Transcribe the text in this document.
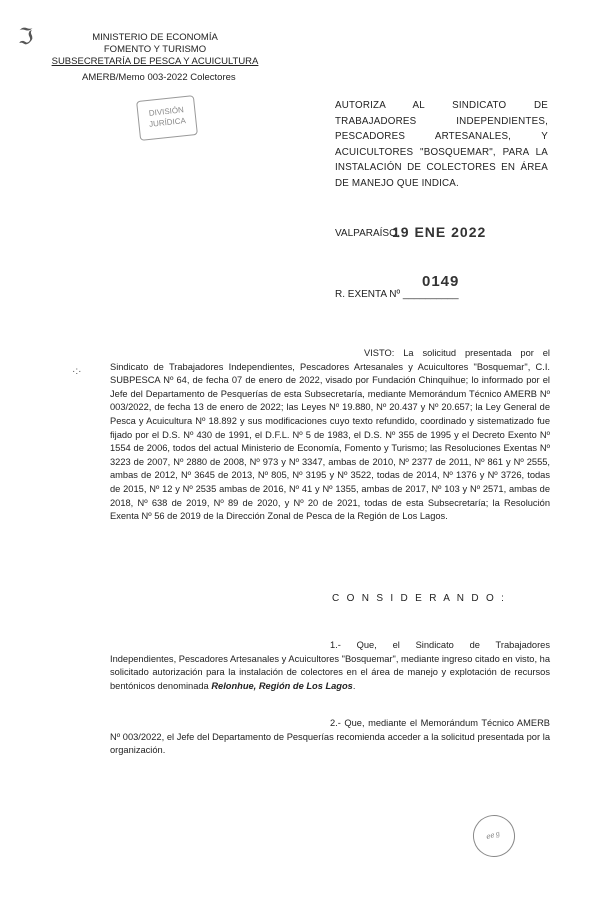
ℑ	MINISTERIO DE ECONOMÍA
FOMENTO Y TURISMO
SUBSECRETARÍA DE PESCA Y ACUICULTURA
AMERB/Memo 003-2022 Colectores
DIVISIÓN
JURÍDICA
AUTORIZA AL SINDICATO DE TRABAJADORES INDEPENDIENTES, PESCADORES ARTESANALES, Y ACUICULTORES "BOSQUEMAR", PARA LA INSTALACIÓN DE COLECTORES EN ÁREA DE MANEJO QUE INDICA.
VALPARAÍSO,
19 ENE 2022
R. EXENTA Nº __________
0149
·:·
VISTO: La solicitud presentada por el Sindicato de Trabajadores Independientes, Pescadores Artesanales y Acuicultores "Bosquemar", C.I. SUBPESCA Nº 64, de fecha 07 de enero de 2022, visado por Fundación Chinquihue; lo informado por el Jefe del Departamento de Pesquerías de esta Subsecretaría, mediante Memorándum Técnico AMERB Nº 003/2022, de fecha 13 de enero de 2022; las Leyes Nº 19.880, Nº 20.437 y Nº 20.657; la Ley General de Pesca y Acuicultura Nº 18.892 y sus modificaciones cuyo texto refundido, coordinado y sistematizado fue fijado por el D.S. Nº 430 de 1991, el D.F.L. Nº 5 de 1983, el D.S. Nº 355 de 1995 y el Decreto Exento Nº 1554 de 2006, todos del actual Ministerio de Economía, Fomento y Turismo; las Resoluciones Exentas Nº 3223 de 2007, Nº 2880 de 2008, Nº 973 y Nº 3347, ambas de 2010, Nº 2377 de 2011, Nº 861 y Nº 2555, ambas de 2012, Nº 3645 de 2013, Nº 805, Nº 3195 y Nº 3522, todas de 2014, Nº 1376 y Nº 3726, todas de 2015, Nº 12 y Nº 2535 ambas de 2016, Nº 41 y Nº 1355, ambas de 2017, Nº 103 y Nº 2571, ambas de 2018, Nº 638 de 2019, Nº 89 de 2020, y Nº 20 de 2021, todas de esta Subsecretaría; la Resolución Exenta Nº 56 de 2019 de la Dirección Zonal de Pesca de la Región de Los Lagos.
C O N S I D E R A N D O :
1.- Que, el Sindicato de Trabajadores Independientes, Pescadores Artesanales y Acuicultores "Bosquemar", mediante ingreso citado en visto, ha solicitado autorización para la instalación de colectores en el área de manejo y explotación de recursos bentónicos denominada Relonhue, Región de Los Lagos.
2.- Que, mediante el Memorándum Técnico AMERB Nº 003/2022, el Jefe del Departamento de Pesquerías recomienda acceder a la solicitud presentada por la organización.
ℯℯℊ
